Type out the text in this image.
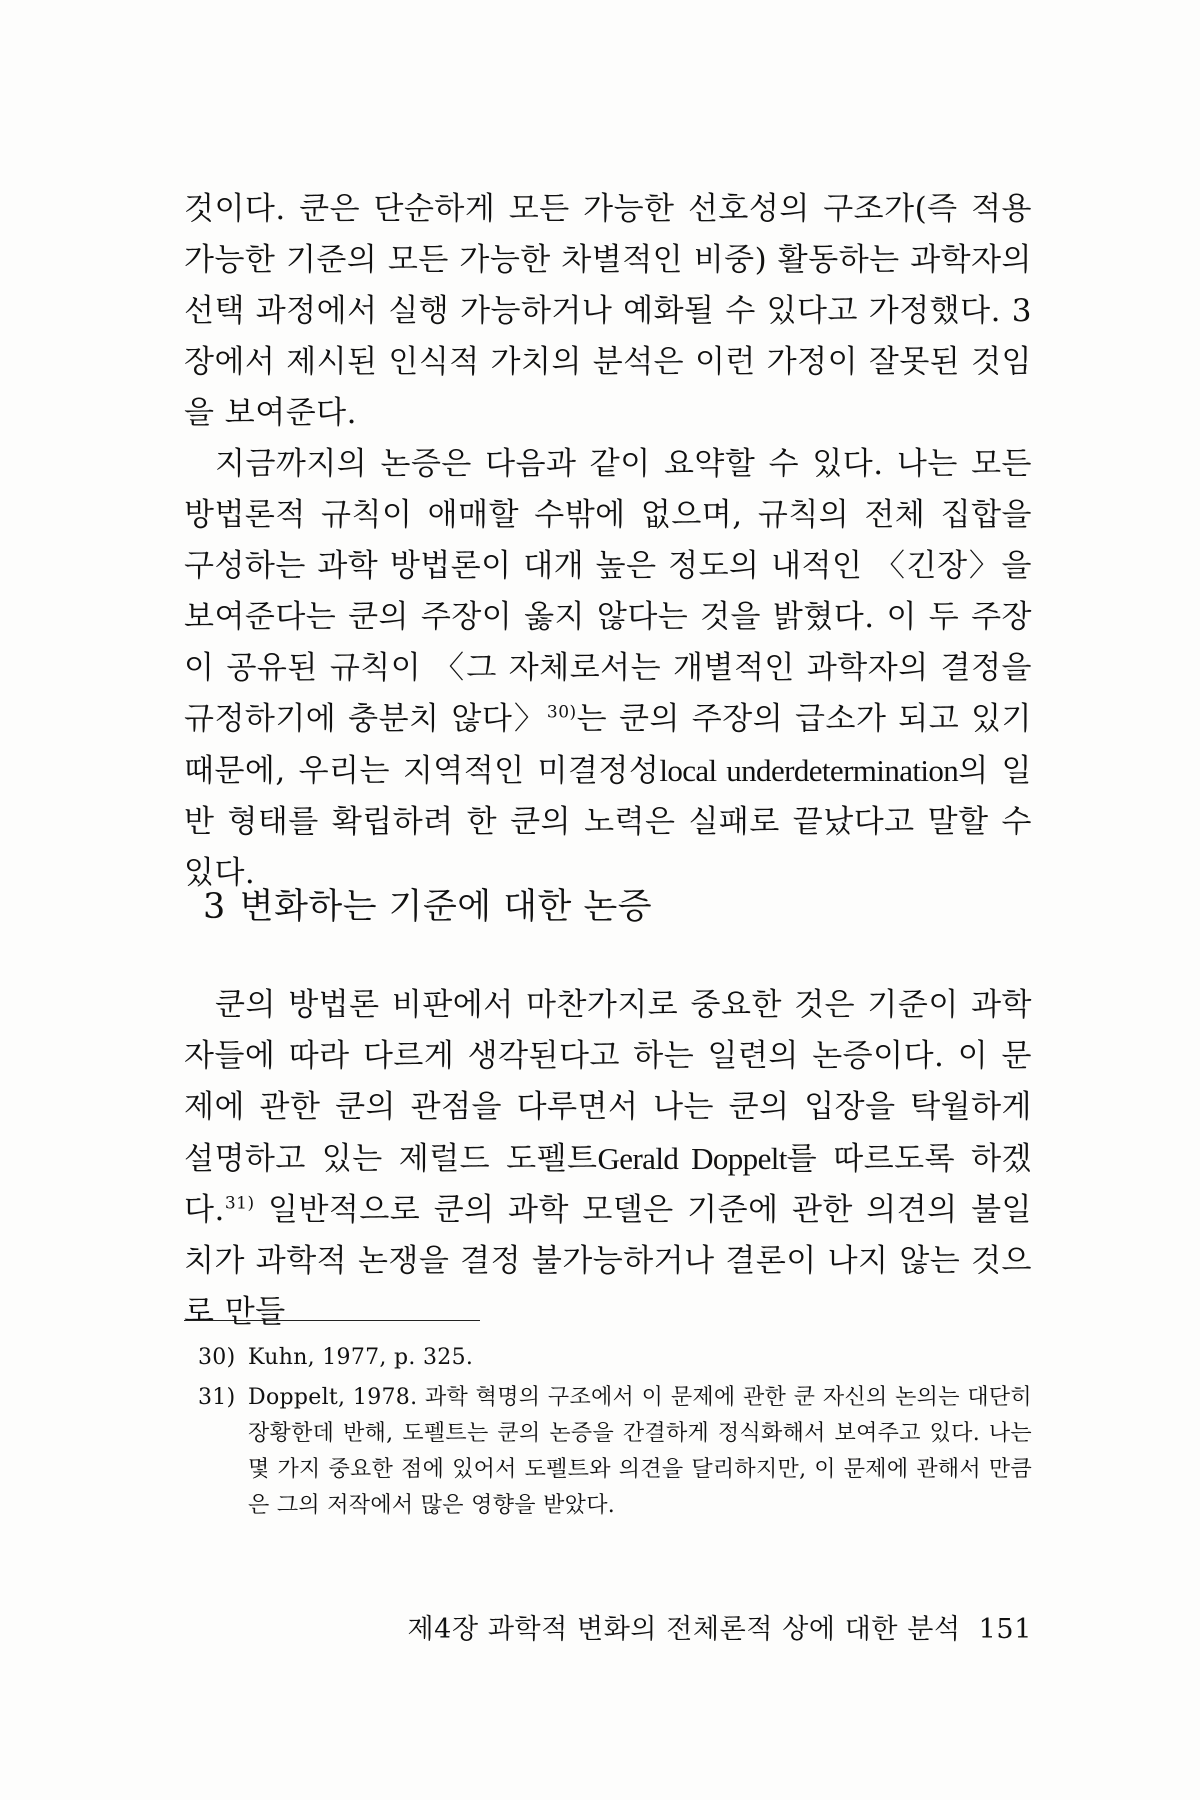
것이다. 쿤은 단순하게 모든 가능한 선호성의 구조가(즉 적용 가능한 기준의 모든 가능한 차별적인 비중) 활동하는 과학자의 선택 과정에서 실행 가능하거나 예화될 수 있다고 가정했다. 3장에서 제시된 인식적 가치의 분석은 이런 가정이 잘못된 것임을 보여준다.

지금까지의 논증은 다음과 같이 요약할 수 있다. 나는 모든 방법론적 규칙이 애매할 수밖에 없으며, 규칙의 전체 집합을 구성하는 과학 방법론이 대개 높은 정도의 내적인 〈긴장〉을 보여준다는 쿤의 주장이 옳지 않다는 것을 밝혔다. 이 두 주장이 공유된 규칙이 〈그 자체로서는 개별적인 과학자의 결정을 규정하기에 충분치 않다〉$^{30)}$는 쿤의 주장의 급소가 되고 있기 때문에, 우리는 지역적인 미결정성local underdetermination의 일반 형태를 확립하려 한 쿤의 노력은 실패로 끝났다고 말할 수 있다.

3 변화하는 기준에 대한 논증

쿤의 방법론 비판에서 마찬가지로 중요한 것은 기준이 과학자들에 따라 다르게 생각된다고 하는 일련의 논증이다. 이 문제에 관한 쿤의 관점을 다루면서 나는 쿤의 입장을 탁월하게 설명하고 있는 제럴드 도펠트Gerald Doppelt를 따르도록 하겠다.$^{31)}$ 일반적으로 쿤의 과학 모델은 기준에 관한 의견의 불일치가 과학적 논쟁을 결정 불가능하거나 결론이 나지 않는 것으로 만들

30) Kuhn, 1977, p. 325.
31) Doppelt, 1978. 과학 혁명의 구조에서 이 문제에 관한 쿤 자신의 논의는 대단히 장황한데 반해, 도펠트는 쿤의 논증을 간결하게 정식화해서 보여주고 있다. 나는 몇 가지 중요한 점에 있어서 도펠트와 의견을 달리하지만, 이 문제에 관해서 만큼은 그의 저작에서 많은 영향을 받았다.
제4장 과학적 변화의 전체론적 상에 대한 분석 151
